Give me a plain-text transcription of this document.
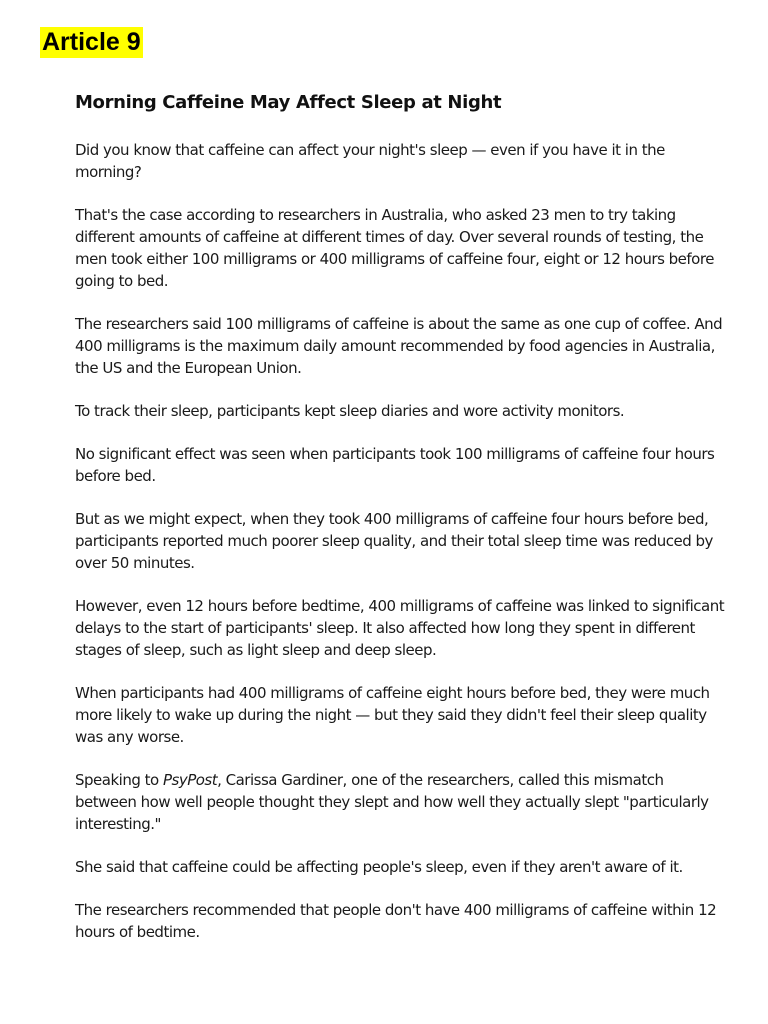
Article 9
Morning Caffeine May Affect Sleep at Night

Did you know that caffeine can affect your night's sleep — even if you have it in the morning?

That's the case according to researchers in Australia, who asked 23 men to try taking different amounts of caffeine at different times of day. Over several rounds of testing, the men took either 100 milligrams or 400 milligrams of caffeine four, eight or 12 hours before going to bed.

The researchers said 100 milligrams of caffeine is about the same as one cup of coffee. And 400 milligrams is the maximum daily amount recommended by food agencies in Australia, the US and the European Union.

To track their sleep, participants kept sleep diaries and wore activity monitors.

No significant effect was seen when participants took 100 milligrams of caffeine four hours before bed.

But as we might expect, when they took 400 milligrams of caffeine four hours before bed, participants reported much poorer sleep quality, and their total sleep time was reduced by over 50 minutes.

However, even 12 hours before bedtime, 400 milligrams of caffeine was linked to significant delays to the start of participants' sleep. It also affected how long they spent in different stages of sleep, such as light sleep and deep sleep.

When participants had 400 milligrams of caffeine eight hours before bed, they were much more likely to wake up during the night — but they said they didn't feel their sleep quality was any worse.

Speaking to PsyPost, Carissa Gardiner, one of the researchers, called this mismatch between how well people thought they slept and how well they actually slept "particularly interesting."

She said that caffeine could be affecting people's sleep, even if they aren't aware of it.

The researchers recommended that people don't have 400 milligrams of caffeine within 12 hours of bedtime.
